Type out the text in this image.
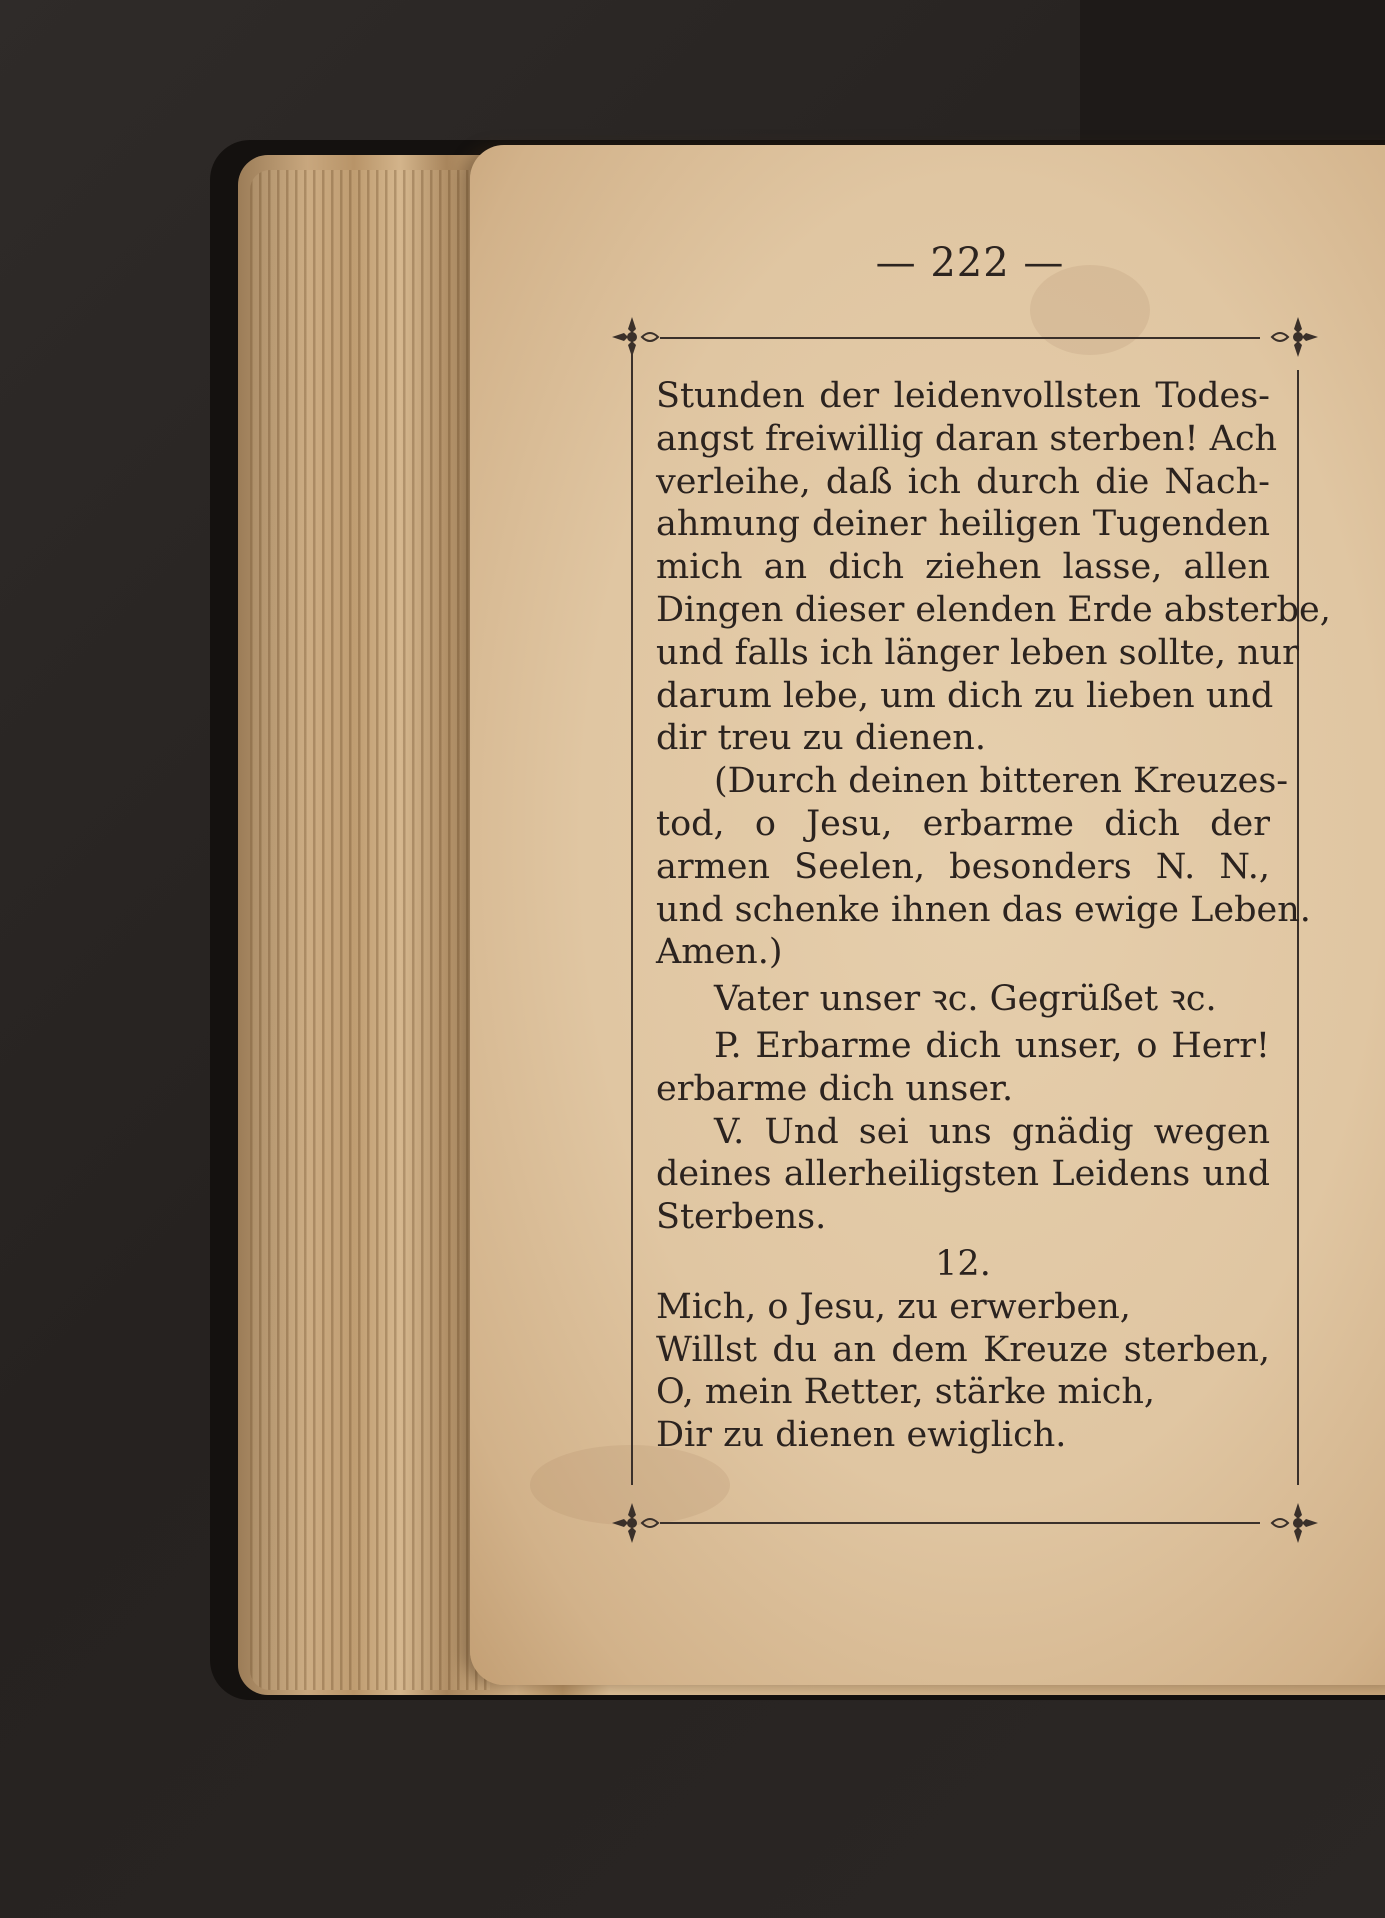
— 222 —
Stunden der leidenvollsten Todes-
angst freiwillig daran sterben! Ach
verleihe, daß ich durch die Nach-
ahmung deiner heiligen Tugenden
mich an dich ziehen lasse, allen
Dingen dieser elenden Erde absterbe,
und falls ich länger leben sollte, nur
darum lebe, um dich zu lieben und
dir treu zu dienen.
(Durch deinen bitteren Kreuzes-
tod, o Jesu, erbarme dich der
armen Seelen, besonders N. N.,
und schenke ihnen das ewige Leben.
Amen.)
Vater unser ꝛc. Gegrüßet ꝛc.
P. Erbarme dich unser, o Herr!
erbarme dich unser.
V. Und sei uns gnädig wegen
deines allerheiligsten Leidens und
Sterbens.
12.
Mich, o Jesu, zu erwerben,
Willst du an dem Kreuze sterben,
O, mein Retter, stärke mich,
Dir zu dienen ewiglich.
